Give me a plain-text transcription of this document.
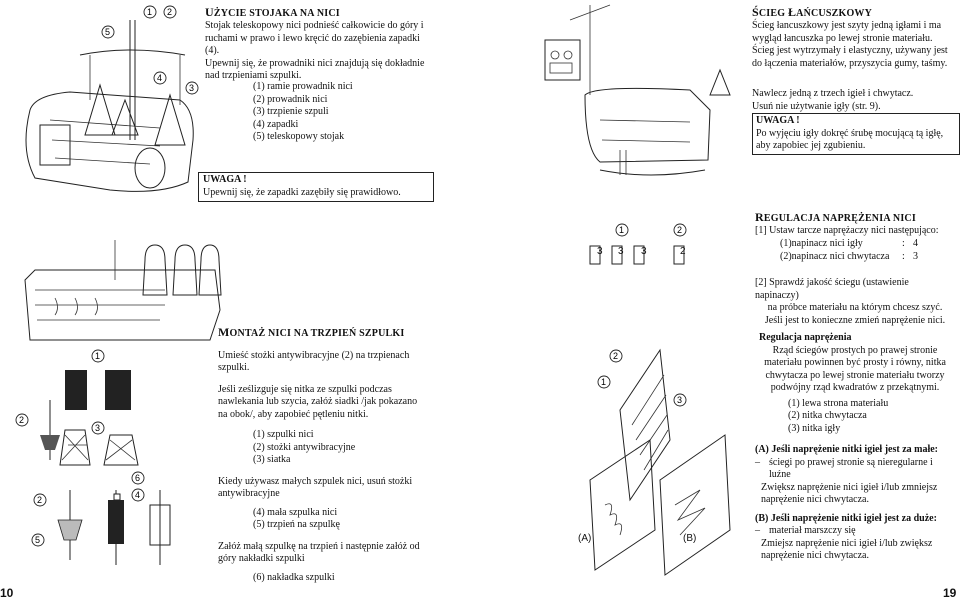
1 2
5
4
3
UŻYCIE STOJAKA NA NICI

Stojak teleskopowy nici podnieść całkowicie do góry i ruchami w prawo i lewo kręcić do zazębienia zapadki (4).

Upewnij się, że prowadniki nici znajdują się dokładnie nad trzpieniami szpulki.

(1) ramie prowadnik nici
(2) prowadnik nici
(3) trzpienie szpuli
(4) zapadki
(5) teleskopowy stojak
UWAGA !
Upewnij się, że zapadki zazębiły się prawidłowo.
ŚCIEG ŁAŃCUSZKOWY

Ścieg łancuszkowy jest szyty jedną igłami i ma wygląd łancuszka po lewej stronie materiału.

Ścieg jest wytrzymały i elastyczny, używany jest do łączenia materiałów, przyszycia gumy, taśmy.

Nawlecz jedną z trzech igieł i chwytacz.
Usuń nie użytwanie igły (str. 9).
UWAGA !
Po wyjęciu igły dokręć śrubę mocującą tą igłę, aby zapobiec jej zgubieniu.
1	2
3 3 3	2
REGULACJA NAPRĘŻENIA NICI
[1] Ustaw tarcze naprężaczy nici następująco:
(1)napinacz nici igły	: 4
(2)napinacz nici chwytacza : 3
[2] Sprawdź jakość ściegu (ustawienie napinaczy)
na próbce materiału na którym chcesz szyć.
Jeśli jest to konieczne zmień naprężenie nici.
1
2
3
6
2	4
5
MONTAŻ NICI NA TRZPIEŃ SZPULKI
Umieść stożki antywibracyjne (2) na trzpienach szpulki.
Jeśli ześlizguje się nitka ze szpulki podczas nawlekania lub szycia, załóż siadki /jak pokazano na obok/, aby zapobieć pętleniu nitki.
(1) szpulki nici
(2) stożki antywibracyjne
(3) siatka
Kiedy używasz małych szpulek nici, usuń stożki antywibracyjne
(4) mała szpulka nici
(5) trzpień na szpulkę
Załóż małą szpulkę na trzpień i następnie załóż od góry nakładki szpulki
(6) nakładka szpulki
2
1
3
(A)	(B)
Regulacja naprężenia
Rząd ściegów prostych po prawej stronie materiału powinnen być prosty i równy, nitka chwytacza po lewej stronie materiału tworzy podwójny rząd kwadratów z przekątnymi.
(1) lewa strona materiału
(2) nitka chwytacza
(3) nitka igły
(A) Jeśli naprężenie nitki igieł jest za małe:
– ściegi po prawej stronie są nieregularne i luźne
Zwiększ naprężenie nici igieł i/lub zmniejsz naprężenie nici chwytacza.
(B) Jeśli naprężenie nitki igieł jest za duże:
– materiał marszczy się
Zmiejsz naprężenie nici igieł i/lub zwiększ naprężenie nici chwytacza.
10	19
